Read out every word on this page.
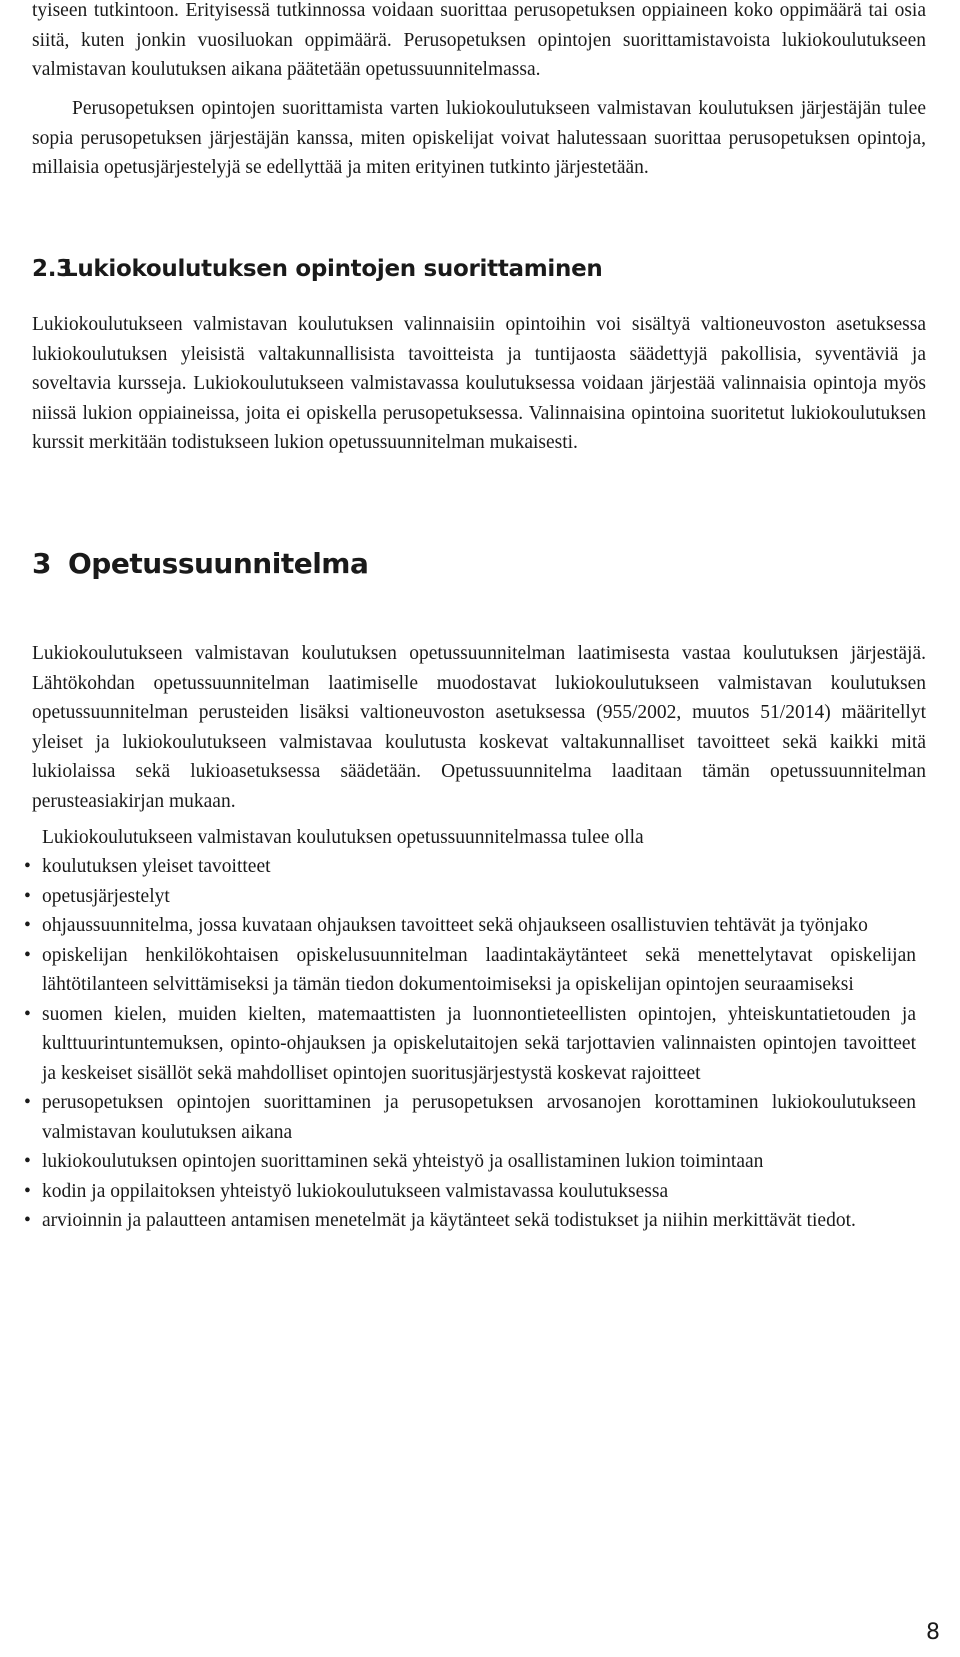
tyiseen tutkintoon. Erityisessä tutkinnossa voidaan suorittaa perusopetuksen oppiaineen koko oppimäärä tai osia siitä, kuten jonkin vuosiluokan oppimäärä. Perusopetuksen opintojen suorittamistavoista lukiokoulutukseen valmistavan koulutuksen aikana päätetään opetussuunnitelmassa.

Perusopetuksen opintojen suorittamista varten lukiokoulutukseen valmistavan koulutuksen järjestäjän tulee sopia perusopetuksen järjestäjän kanssa, miten opiskelijat voivat halutessaan suorittaa perusopetuksen opintoja, millaisia opetusjärjestelyjä se edellyttää ja miten erityinen tutkinto järjestetään.

2.3Lukiokoulutuksen opintojen suorittaminen

Lukiokoulutukseen valmistavan koulutuksen valinnaisiin opintoihin voi sisältyä valtioneuvoston asetuksessa lukiokoulutuksen yleisistä valtakunnallisista tavoitteista ja tuntijaosta säädettyjä pakollisia, syventäviä ja soveltavia kursseja. Lukiokoulutukseen valmistavassa koulutuksessa voidaan järjestää valinnaisia opintoja myös niissä lukion oppiaineissa, joita ei opiskella perusopetuksessa. Valinnaisina opintoina suoritetut lukiokoulutuksen kurssit merkitään todistukseen lukion opetussuunnitelman mukaisesti.

3 Opetussuunnitelma

Lukiokoulutukseen valmistavan koulutuksen opetussuunnitelman laatimisesta vastaa koulutuksen järjestäjä. Lähtökohdan opetussuunnitelman laatimiselle muodostavat lukiokoulutukseen valmistavan koulutuksen opetussuunnitelman perusteiden lisäksi valtioneuvoston asetuksessa (955/2002, muutos 51/2014) määritellyt yleiset ja lukiokoulutukseen valmistavaa koulutusta koskevat valtakunnalliset tavoitteet sekä kaikki mitä lukiolaissa sekä lukioasetuksessa säädetään. Opetussuunnitelma laaditaan tämän opetussuunnitelman perusteasiakirjan mukaan.

Lukiokoulutukseen valmistavan koulutuksen opetussuunnitelmassa tulee olla

• koulutuksen yleiset tavoitteet
• opetusjärjestelyt
• ohjaussuunnitelma, jossa kuvataan ohjauksen tavoitteet sekä ohjaukseen osallistuvien tehtävät ja työnjako
• opiskelijan henkilökohtaisen opiskelusuunnitelman laadintakäytänteet sekä menettelytavat opiskelijan lähtötilanteen selvittämiseksi ja tämän tiedon dokumentoimiseksi ja opiskelijan opintojen seuraamiseksi
• suomen kielen, muiden kielten, matemaattisten ja luonnontieteellisten opintojen, yhteiskuntatietouden ja kulttuurintuntemuksen, opinto-ohjauksen ja opiskelutaitojen sekä tarjottavien valinnaisten opintojen tavoitteet ja keskeiset sisällöt sekä mahdolliset opintojen suoritusjärjestystä koskevat rajoitteet
• perusopetuksen opintojen suorittaminen ja perusopetuksen arvosanojen korottaminen lukiokoulutukseen valmistavan koulutuksen aikana
• lukiokoulutuksen opintojen suorittaminen sekä yhteistyö ja osallistaminen lukion toimintaan
• kodin ja oppilaitoksen yhteistyö lukiokoulutukseen valmistavassa koulutuksessa
• arvioinnin ja palautteen antamisen menetelmät ja käytänteet sekä todistukset ja niihin merkittävät tiedot.
8
